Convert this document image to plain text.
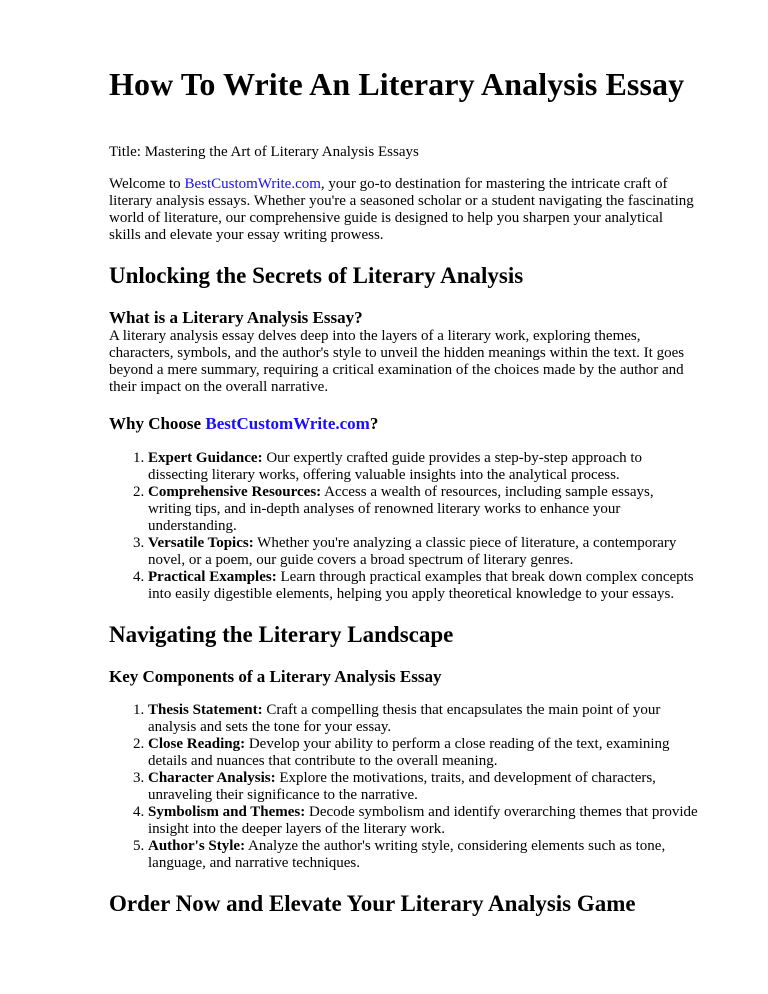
How To Write An Literary Analysis Essay

Title: Mastering the Art of Literary Analysis Essays

Welcome to BestCustomWrite.com, your go-to destination for mastering the intricate craft of literary analysis essays. Whether you're a seasoned scholar or a student navigating the fascinating world of literature, our comprehensive guide is designed to help you sharpen your analytical skills and elevate your essay writing prowess.

Unlocking the Secrets of Literary Analysis
What is a Literary Analysis Essay?

A literary analysis essay delves deep into the layers of a literary work, exploring themes, characters, symbols, and the author's style to unveil the hidden meanings within the text. It goes beyond a mere summary, requiring a critical examination of the choices made by the author and their impact on the overall narrative.

Why Choose BestCustomWrite.com?
1. Expert Guidance: Our expertly crafted guide provides a step-by-step approach to dissecting literary works, offering valuable insights into the analytical process.
2. Comprehensive Resources: Access a wealth of resources, including sample essays, writing tips, and in-depth analyses of renowned literary works to enhance your understanding.
3. Versatile Topics: Whether you're analyzing a classic piece of literature, a contemporary novel, or a poem, our guide covers a broad spectrum of literary genres.
4. Practical Examples: Learn through practical examples that break down complex concepts into easily digestible elements, helping you apply theoretical knowledge to your essays.
Navigating the Literary Landscape
Key Components of a Literary Analysis Essay
1. Thesis Statement: Craft a compelling thesis that encapsulates the main point of your analysis and sets the tone for your essay.
2. Close Reading: Develop your ability to perform a close reading of the text, examining details and nuances that contribute to the overall meaning.
3. Character Analysis: Explore the motivations, traits, and development of characters, unraveling their significance to the narrative.
4. Symbolism and Themes: Decode symbolism and identify overarching themes that provide insight into the deeper layers of the literary work.
5. Author's Style: Analyze the author's writing style, considering elements such as tone, language, and narrative techniques.
Order Now and Elevate Your Literary Analysis Game
